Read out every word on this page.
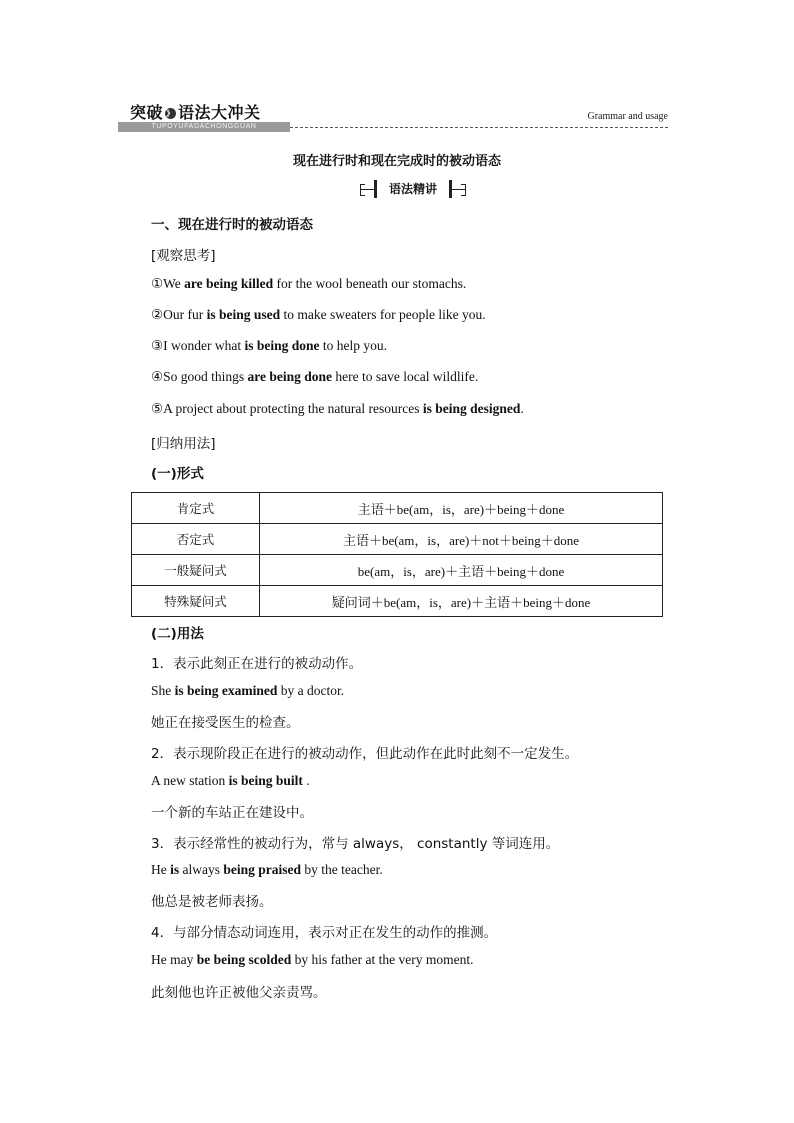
突破 》 语法大冲关
TUPOYUFADACHONGGUAN
Grammar and usage
现在进行时和现在完成时的被动语态
语法精讲
一、现在进行时的被动语态
[观察思考]
①We are being killed for the wool beneath our stomachs.
②Our fur is being used to make sweaters for people like you.
③I wonder what is being done to help you.
④So good things are being done here to save local wildlife.
⑤A project about protecting the natural resources is being designed.
[归纳用法]
(一)形式
肯定式	主语＋be(am，is，are)＋being＋done
否定式	主语＋be(am，is，are)＋not＋being＋done
一般疑问式	be(am，is，are)＋主语＋being＋done
特殊疑问式	疑问词＋be(am，is，are)＋主语＋being＋done
(二)用法
1．表示此刻正在进行的被动动作。
She is being examined by a doctor.
她正在接受医生的检查。
2．表示现阶段正在进行的被动动作，但此动作在此时此刻不一定发生。
A new station is being built .
一个新的车站正在建设中。
3．表示经常性的被动行为，常与 always， constantly 等词连用。
He is always being praised by the teacher.
他总是被老师表扬。
4．与部分情态动词连用，表示对正在发生的动作的推测。
He may be being scolded by his father at the very moment.
此刻他也许正被他父亲责骂。
